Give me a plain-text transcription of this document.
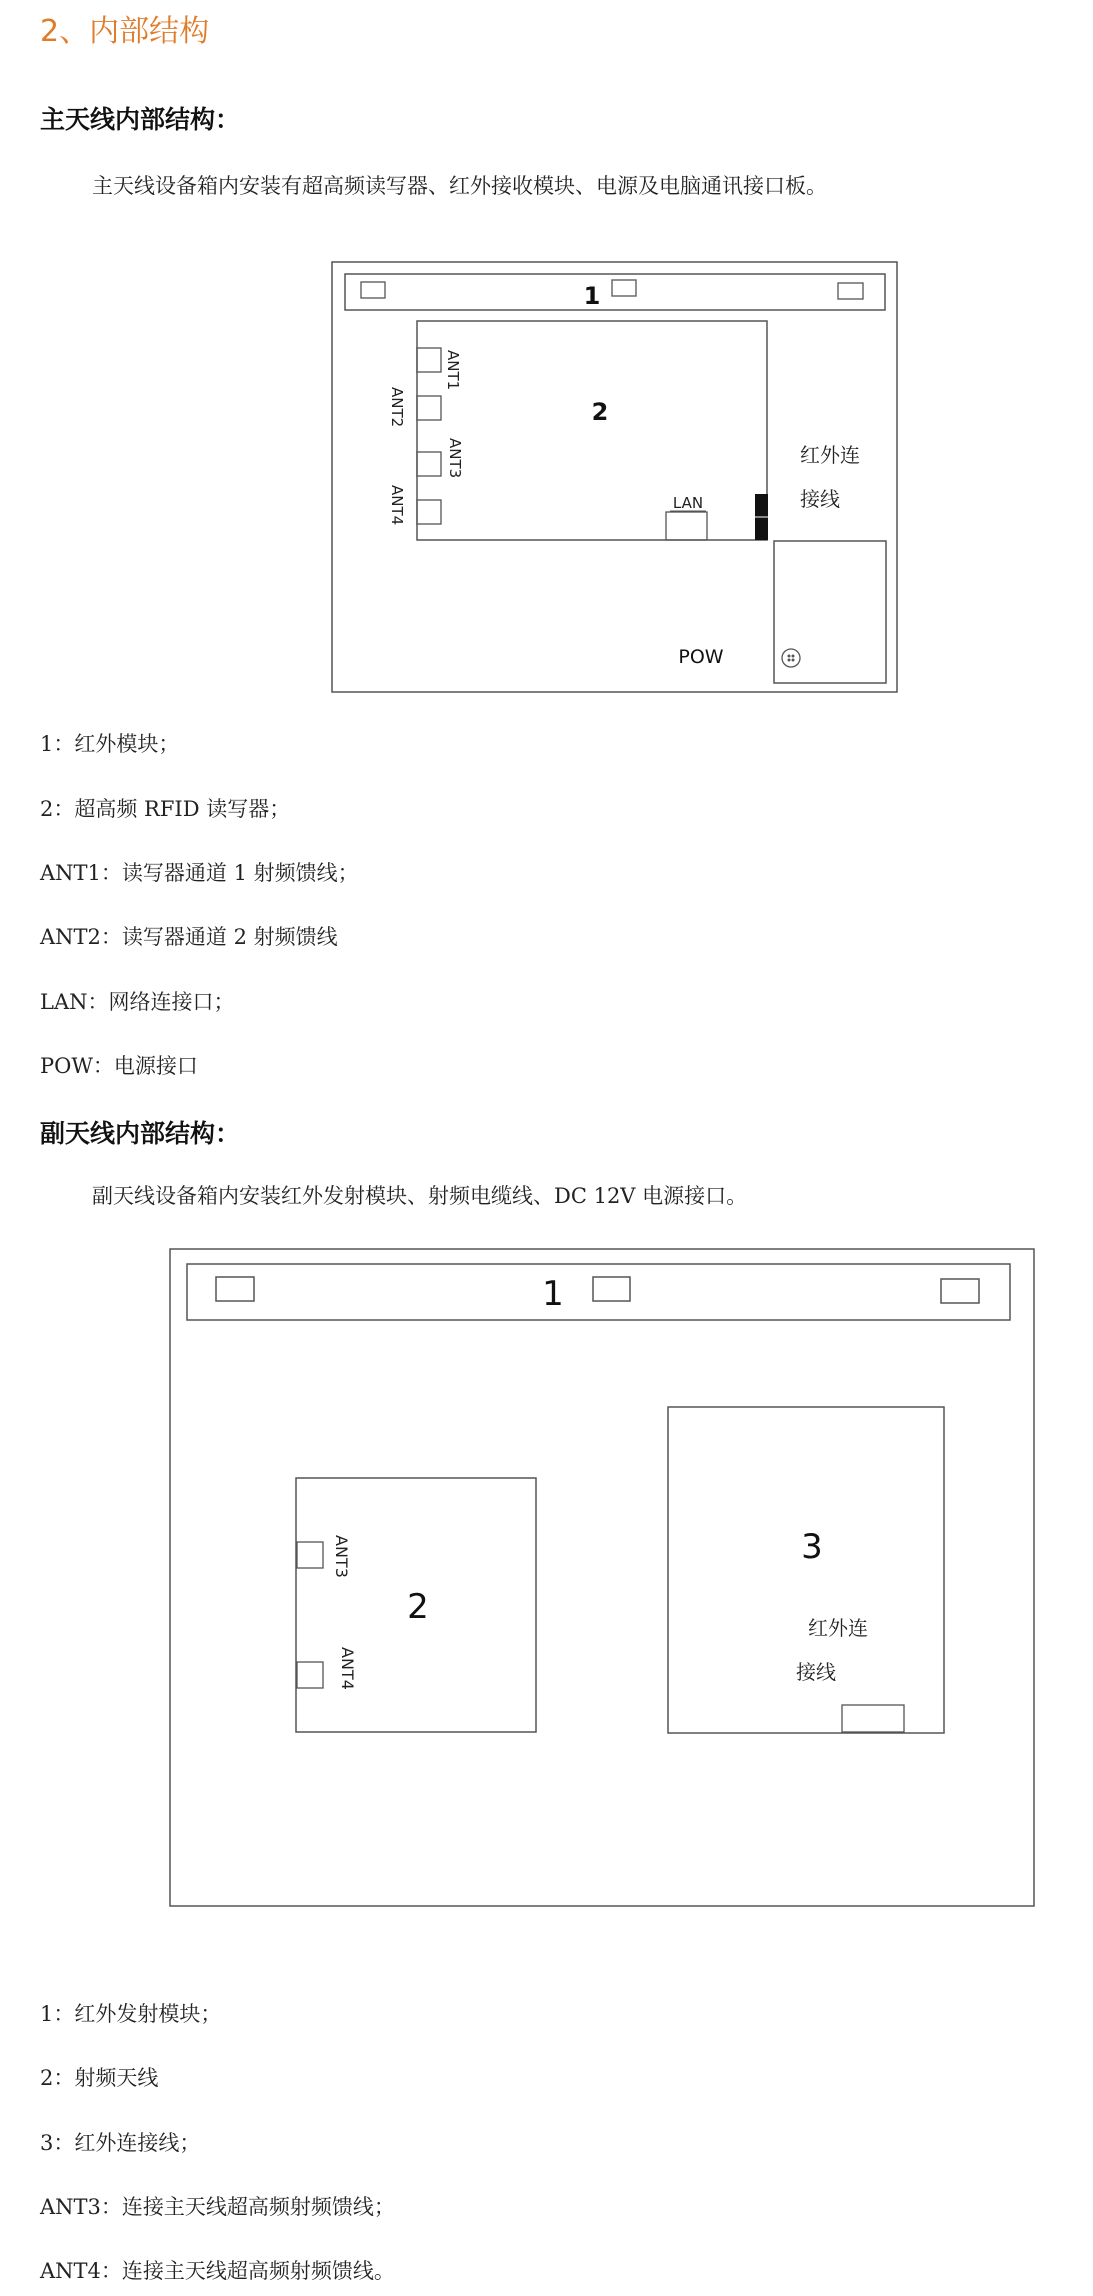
2、内部结构
主天线内部结构：
主天线设备箱内安装有超高频读写器、红外接收模块、电源及电脑通讯接口板。
1
2
ANT1
ANT2
ANT3
ANT4	LAN
红外连
接线
POW
1：红外模块；
2：超高频 RFID 读写器；
ANT1：读写器通道 1 射频馈线；
ANT2：读写器通道 2 射频馈线
LAN：网络连接口；
POW：电源接口
副天线内部结构：
副天线设备箱内安装红外发射模块、射频电缆线、DC 12V 电源接口。
1
2
ANT3
ANT4
3
红外连
接线
1：红外发射模块；
2：射频天线
3：红外连接线；
ANT3：连接主天线超高频射频馈线；
ANT4：连接主天线超高频射频馈线。
